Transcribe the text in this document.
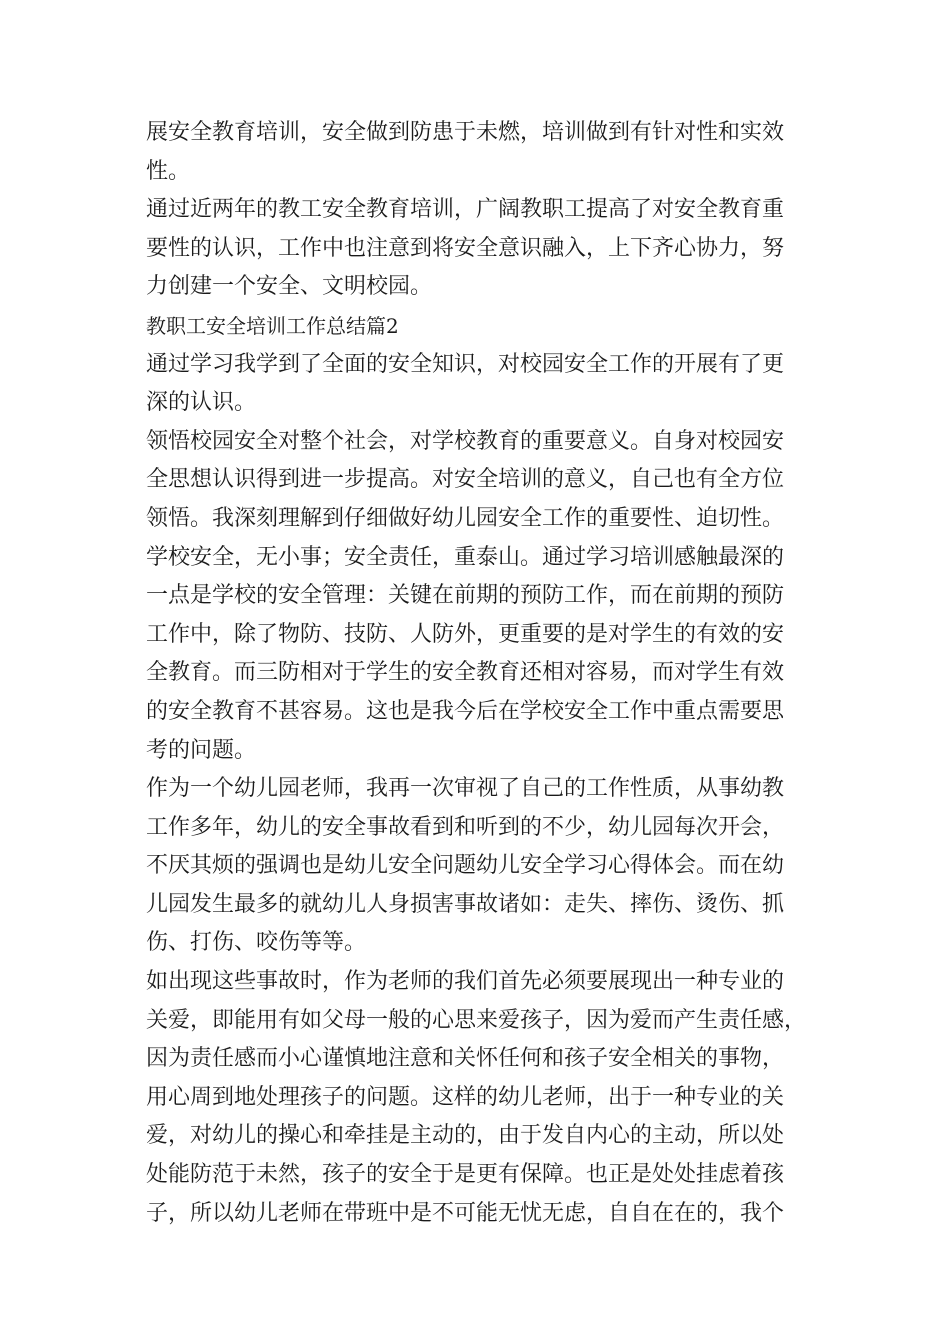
展安全教育培训，安全做到防患于未燃，培训做到有针对性和实效
性。
通过近两年的教工安全教育培训，广阔教职工提高了对安全教育重
要性的认识，工作中也注意到将安全意识融入，上下齐心协力，努
力创建一个安全、文明校园。
教职工安全培训工作总结篇2
通过学习我学到了全面的安全知识，对校园安全工作的开展有了更
深的认识。
领悟校园安全对整个社会，对学校教育的重要意义。自身对校园安
全思想认识得到进一步提高。对安全培训的意义，自己也有全方位
领悟。我深刻理解到仔细做好幼儿园安全工作的重要性、迫切性。
学校安全，无小事；安全责任，重泰山。通过学习培训感触最深的
一点是学校的安全管理：关键在前期的预防工作，而在前期的预防
工作中，除了物防、技防、人防外，更重要的是对学生的有效的安
全教育。而三防相对于学生的安全教育还相对容易，而对学生有效
的安全教育不甚容易。这也是我今后在学校安全工作中重点需要思
考的问题。
作为一个幼儿园老师，我再一次审视了自己的工作性质，从事幼教
工作多年，幼儿的安全事故看到和听到的不少，幼儿园每次开会，
不厌其烦的强调也是幼儿安全问题幼儿安全学习心得体会。而在幼
儿园发生最多的就幼儿人身损害事故诸如：走失、摔伤、烫伤、抓
伤、打伤、咬伤等等。
如出现这些事故时，作为老师的我们首先必须要展现出一种专业的
关爱，即能用有如父母一般的心思来爱孩子，因为爱而产生责任感，
因为责任感而小心谨慎地注意和关怀任何和孩子安全相关的事物，
用心周到地处理孩子的问题。这样的幼儿老师，出于一种专业的关
爱，对幼儿的操心和牵挂是主动的，由于发自内心的主动，所以处
处能防范于未然，孩子的安全于是更有保障。也正是处处挂虑着孩
子，所以幼儿老师在带班中是不可能无忧无虑，自自在在的，我个
